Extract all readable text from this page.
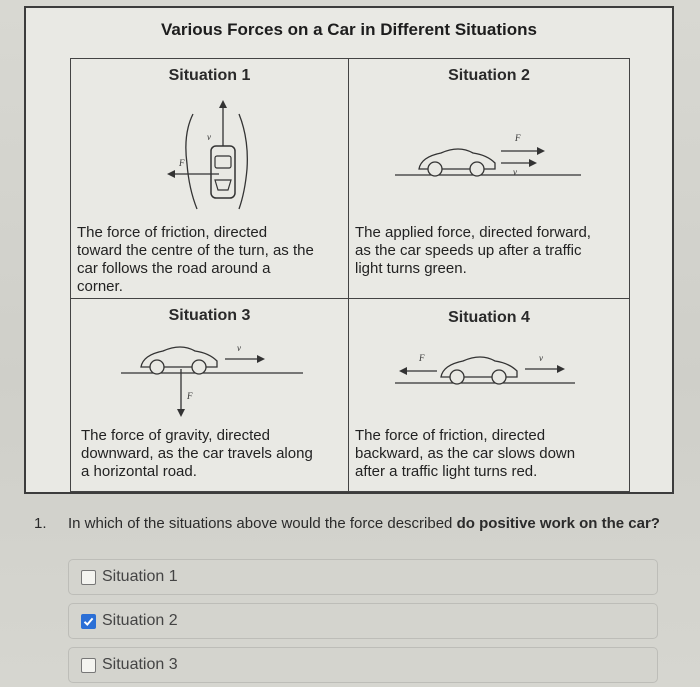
Various Forces on a Car in Different Situations
Situation 1
v
F⃗
The force of friction, directed
toward the centre of the turn, as the
car follows the road around a
corner.
Situation 2
F⃗
v
The applied force, directed forward,
as the car speeds up after a traffic
light turns green.
Situation 3
v
F⃗
The force of gravity, directed
downward, as the car travels along
a horizontal road.
Situation 4
F⃗	v
The force of friction, directed
backward, as the car slows down
after a traffic light turns red.
1. In which of the situations above would the force described do positive work on the car?
Situation 1
Situation 2
Situation 3
